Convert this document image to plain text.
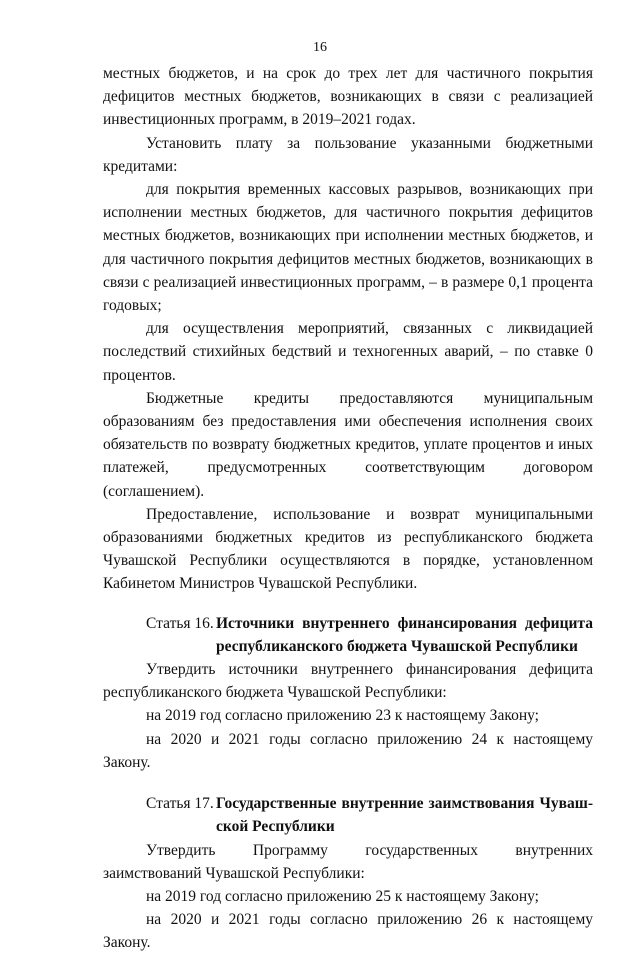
16

местных бюджетов, и на срок до трех лет для частичного покрытия дефицитов местных бюджетов, возникающих в связи с реализацией инвестиционных программ, в 2019–2021 годах.

Установить плату за пользование указанными бюджетными кредитами:

для покрытия временных кассовых разрывов, возникающих при исполнении местных бюджетов, для частичного покрытия дефицитов местных бюджетов, возникающих при исполнении местных бюджетов, и для частичного покрытия дефицитов местных бюджетов, возникающих в связи с реализацией инвестиционных программ, – в размере 0,1 процента годовых;

для осуществления мероприятий, связанных с ликвидацией последствий стихийных бедствий и техногенных аварий, – по ставке 0 процентов.

Бюджетные кредиты предоставляются муниципальным образованиям без предоставления ими обеспечения исполнения своих обязательств по возврату бюджетных кредитов, уплате процентов и иных платежей, предусмотренных соответствующим договором (соглашением).

Предоставление, использование и возврат муниципальными образованиями бюджетных кредитов из республиканского бюджета Чувашской Республики осуществляются в порядке, установленном Кабинетом Министров Чувашской Республики.

Статья 16. Источники внутреннего финансирования дефицита
республиканского бюджета Чувашской Республики

Утвердить источники внутреннего финансирования дефицита республиканского бюджета Чувашской Республики:

на 2019 год согласно приложению 23 к настоящему Закону;

на 2020 и 2021 годы согласно приложению 24 к настоящему Закону.

Статья 17. Государственные внутренние заимствования Чуваш-
ской Республики

Утвердить Программу государственных внутренних заимствований Чувашской Республики:

на 2019 год согласно приложению 25 к настоящему Закону;

на 2020 и 2021 годы согласно приложению 26 к настоящему Закону.
